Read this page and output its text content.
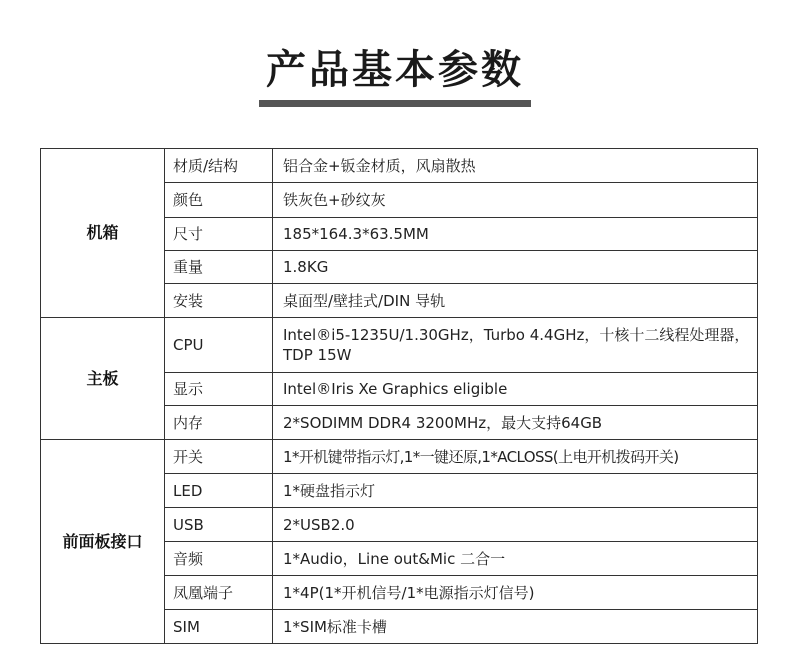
产品基本参数
机箱	材质/结构	铝合金+钣金材质，风扇散热
	颜色	铁灰色+砂纹灰
	尺寸	185*164.3*63.5MM
	重量	1.8KG
	安装	桌面型/壁挂式/DIN 导轨
主板	CPU	Intel®i5-1235U/1.30GHz，Turbo 4.4GHz，十核十二线程处理器，TDP 15W
	显示	Intel®Iris Xe Graphics eligible
	内存	2*SODIMM DDR4 3200MHz，最大支持64GB
前面板接口	开关	1*开机键带指示灯,1*一键还原,1*ACLOSS(上电开机拨码开关)
	LED	1*硬盘指示灯
	USB	2*USB2.0
	音频	1*Audio，Line out&Mic 二合一
	凤凰端子	1*4P(1*开机信号/1*电源指示灯信号)
	SIM	1*SIM标准卡槽
